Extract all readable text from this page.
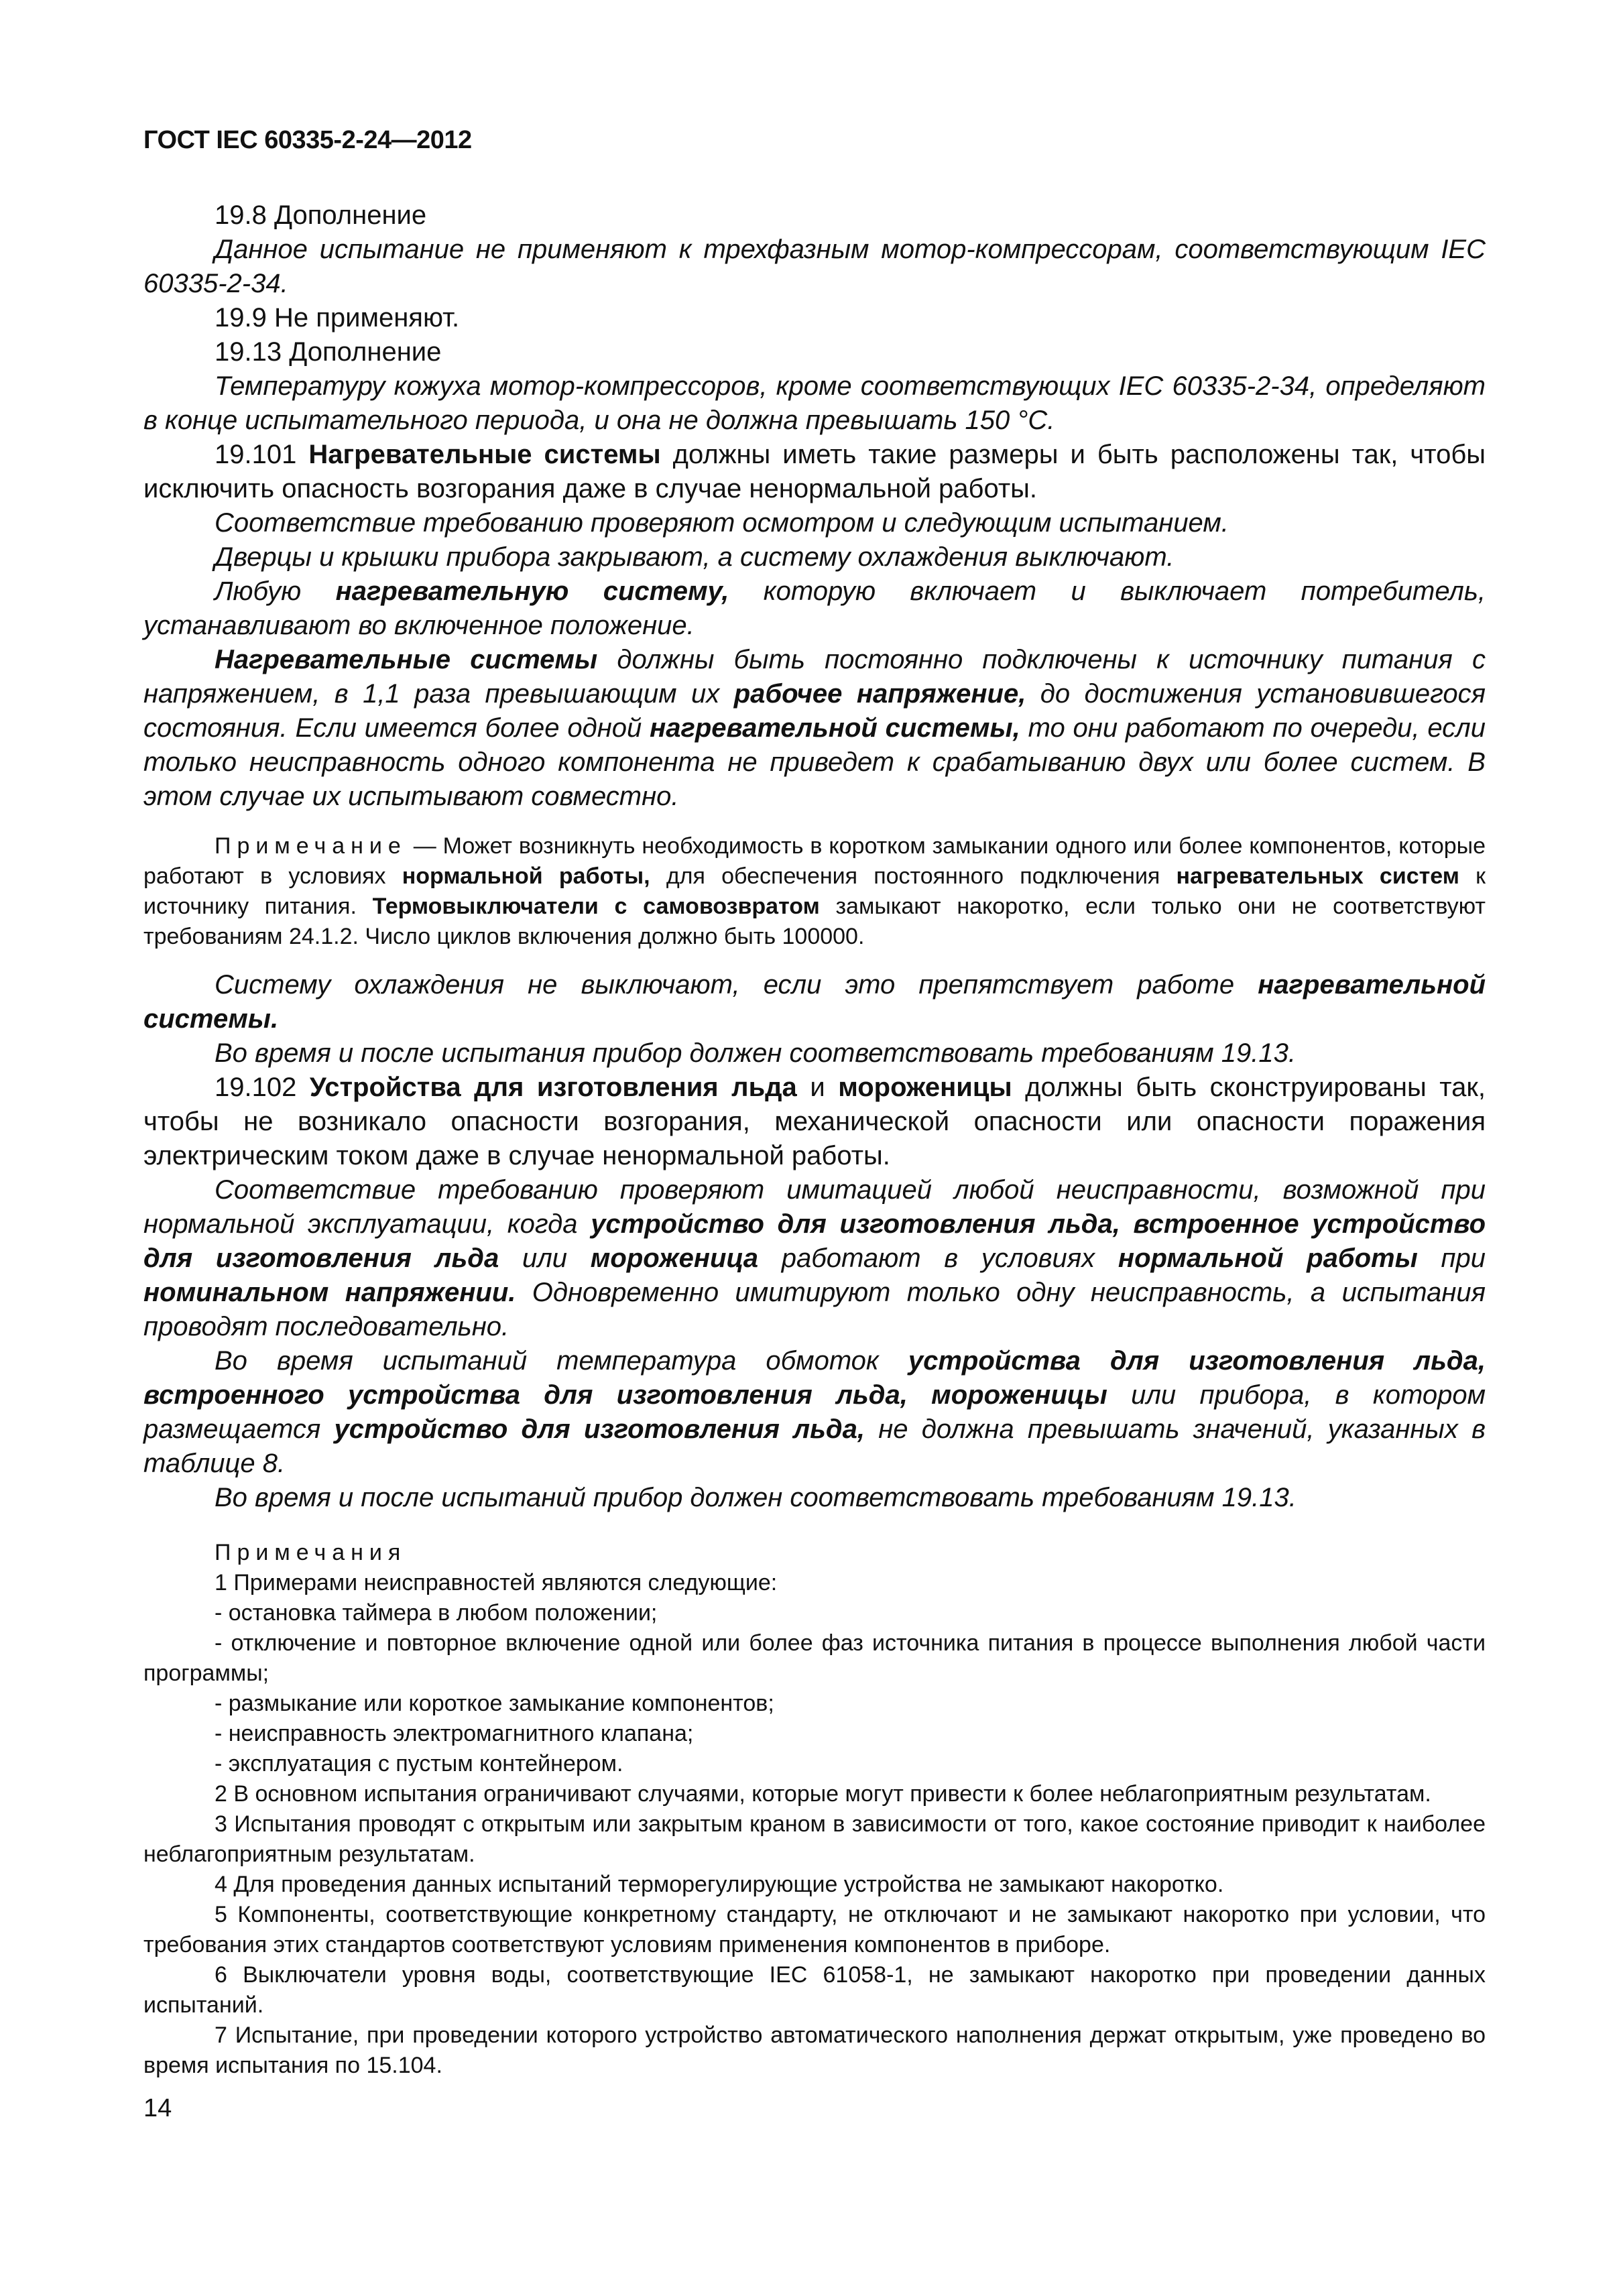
ГОСТ IEC 60335-2-24—2012

19.8 Дополнение

Данное испытание не применяют к трехфазным мотор-компрессорам, соответствующим IEC 60335-2-34.

19.9 Не применяют.

19.13 Дополнение

Температуру кожуха мотор-компрессоров, кроме соответствующих IEC 60335-2-34, определяют в конце испытательного периода, и она не должна превышать 150 °С.

19.101 Нагревательные системы должны иметь такие размеры и быть расположены так, чтобы исключить опасность возгорания даже в случае ненормальной работы.

Соответствие требованию проверяют осмотром и следующим испытанием.

Дверцы и крышки прибора закрывают, а систему охлаждения выключают.

Любую нагревательную систему, которую включает и выключает потребитель, устанавливают во включенное положение.

Нагревательные системы должны быть постоянно подключены к источнику питания с напряжением, в 1,1 раза превышающим их рабочее напряжение, до достижения установившегося состояния. Если имеется более одной нагревательной системы, то они работают по очереди, если только неисправность одного компонента не приведет к срабатыванию двух или более систем. В этом случае их испытывают совместно.

Примечание — Может возникнуть необходимость в коротком замыкании одного или более компонентов, которые работают в условиях нормальной работы, для обеспечения постоянного подключения нагревательных систем к источнику питания. Термовыключатели с самовозвратом замыкают накоротко, если только они не соответствуют требованиям 24.1.2. Число циклов включения должно быть 100000.

Систему охлаждения не выключают, если это препятствует работе нагревательной системы.

Во время и после испытания прибор должен соответствовать требованиям 19.13.

19.102 Устройства для изготовления льда и мороженицы должны быть сконструированы так, чтобы не возникало опасности возгорания, механической опасности или опасности поражения электрическим током даже в случае ненормальной работы.

Соответствие требованию проверяют имитацией любой неисправности, возможной при нормальной эксплуатации, когда устройство для изготовления льда, встроенное устройство для изготовления льда или мороженица работают в условиях нормальной работы при номинальном напряжении. Одновременно имитируют только одну неисправность, а испытания проводят последовательно.

Во время испытаний температура обмоток устройства для изготовления льда, встроенного устройства для изготовления льда, мороженицы или прибора, в котором размещается устройство для изготовления льда, не должна превышать значений, указанных в таблице 8.

Во время и после испытаний прибор должен соответствовать требованиям 19.13.

Примечания

1 Примерами неисправностей являются следующие:

- остановка таймера в любом положении;

- отключение и повторное включение одной или более фаз источника питания в процессе выполнения любой части программы;

- размыкание или короткое замыкание компонентов;

- неисправность электромагнитного клапана;

- эксплуатация с пустым контейнером.

2 В основном испытания ограничивают случаями, которые могут привести к более неблагоприятным результатам.

3 Испытания проводят с открытым или закрытым краном в зависимости от того, какое состояние приводит к наиболее неблагоприятным результатам.

4 Для проведения данных испытаний терморегулирующие устройства не замыкают накоротко.

5 Компоненты, соответствующие конкретному стандарту, не отключают и не замыкают накоротко при условии, что требования этих стандартов соответствуют условиям применения компонентов в приборе.

6 Выключатели уровня воды, соответствующие IEC 61058-1, не замыкают накоротко при проведении данных испытаний.

7 Испытание, при проведении которого устройство автоматического наполнения держат открытым, уже проведено во время испытания по 15.104.

14
